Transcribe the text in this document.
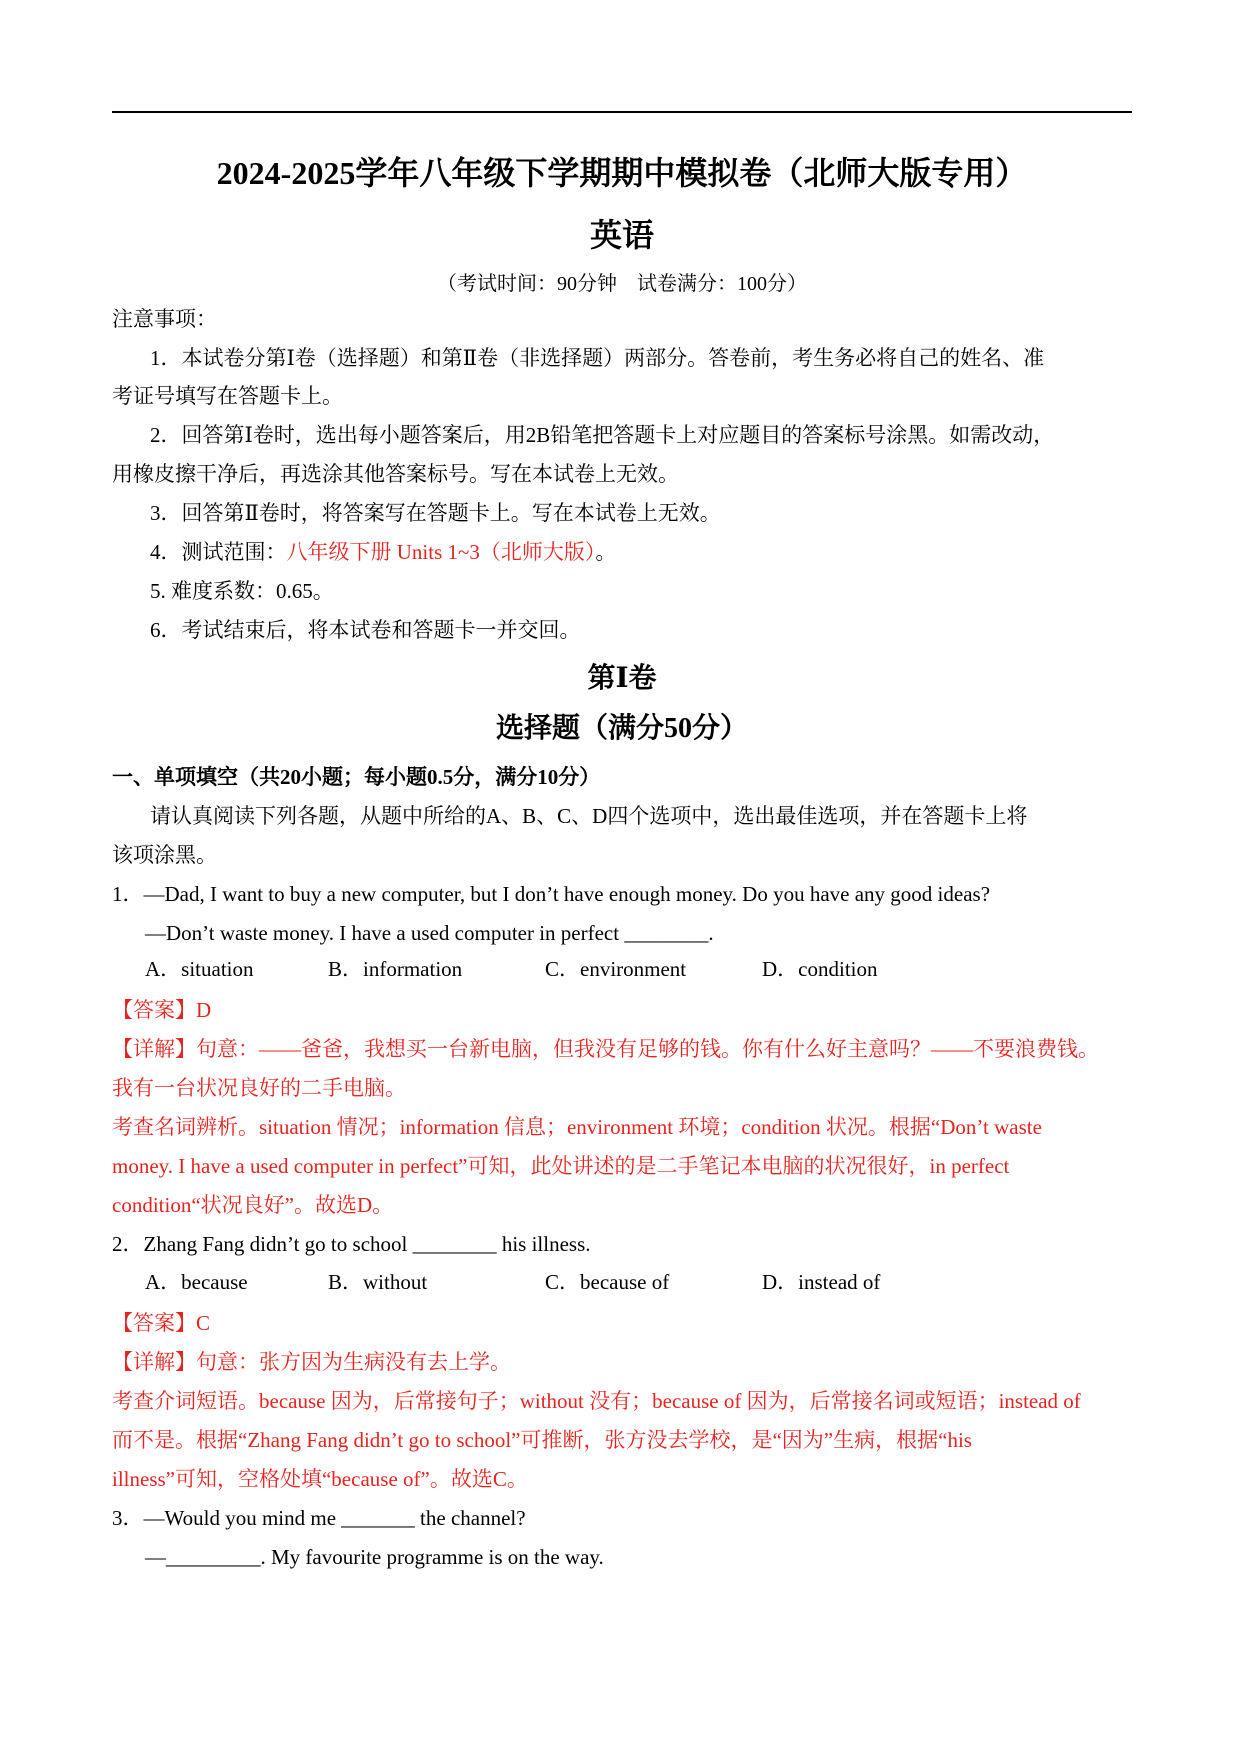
2024-2025学年八年级下学期期中模拟卷（北师大版专用）
英语
（考试时间：90分钟　试卷满分：100分）
注意事项：
1．本试卷分第Ⅰ卷（选择题）和第Ⅱ卷（非选择题）两部分。答卷前，考生务必将自己的姓名、准
考证号填写在答题卡上。
2．回答第Ⅰ卷时，选出每小题答案后，用2B铅笔把答题卡上对应题目的答案标号涂黑。如需改动，
用橡皮擦干净后，再选涂其他答案标号。写在本试卷上无效。
3．回答第Ⅱ卷时，将答案写在答题卡上。写在本试卷上无效。
4．测试范围：八年级下册 Units 1~3（北师大版）。
5. 难度系数：0.65。
6．考试结束后，将本试卷和答题卡一并交回。
第Ⅰ卷
选择题（满分50分）
一、单项填空（共20小题；每小题0.5分，满分10分）
请认真阅读下列各题，从题中所给的A、B、C、D四个选项中，选出最佳选项，并在答题卡上将
该项涂黑。
1．—Dad, I want to buy a new computer, but I don’t have enough money. Do you have any good ideas?
—Don’t waste money. I have a used computer in perfect ________.
A．situation	B．information	C．environment	D．condition
【答案】D
【详解】句意：——爸爸，我想买一台新电脑，但我没有足够的钱。你有什么好主意吗？——不要浪费钱。
我有一台状况良好的二手电脑。
考查名词辨析。situation 情况；information 信息；environment 环境；condition 状况。根据“Don’t waste
money. I have a used computer in perfect”可知，此处讲述的是二手笔记本电脑的状况很好，in perfect
condition“状况良好”。故选D。
2．Zhang Fang didn’t go to school ________ his illness.
A．because	B．without	C．because of	D．instead of
【答案】C
【详解】句意：张方因为生病没有去上学。
考查介词短语。because 因为，后常接句子；without 没有；because of 因为，后常接名词或短语；instead of
而不是。根据“Zhang Fang didn’t go to school”可推断，张方没去学校，是“因为”生病，根据“his
illness”可知，空格处填“because of”。故选C。
3．—Would you mind me _______ the channel?
—_________. My favourite programme is on the way.
